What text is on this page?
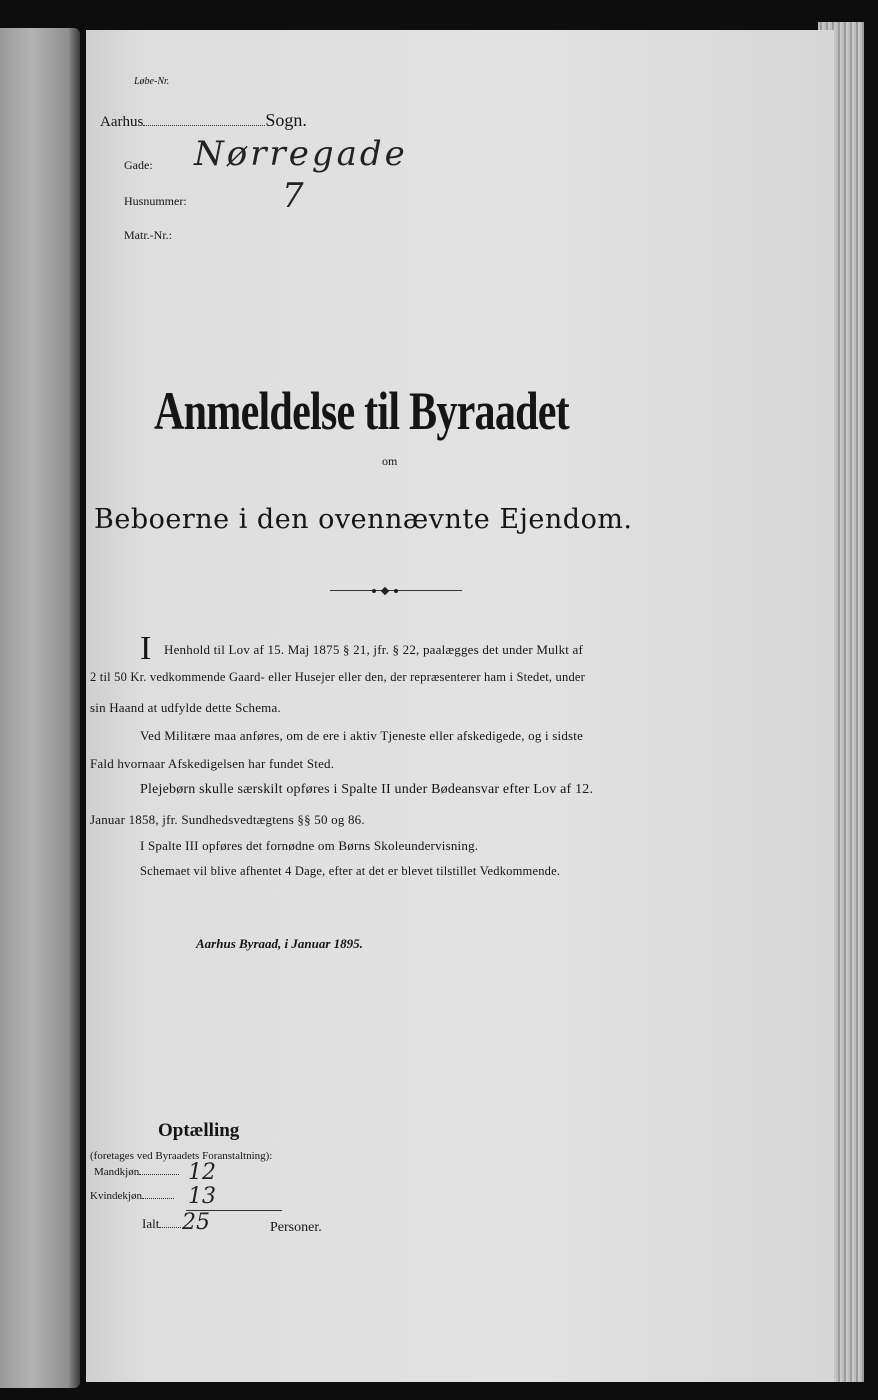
Løbe-Nr.
Aarhus	Sogn.
Gade: Nørregade
Husnummer:	7
Matr.-Nr.:
Anmeldelse til Byraadet
om
Beboerne i den ovennævnte Ejendom.
I Henhold til Lov af 15. Maj 1875 § 21, jfr. § 22, paalægges det under Mulkt af
2 til 50 Kr. vedkommende Gaard- eller Husejer eller den, der repræsenterer ham i Stedet, under
sin Haand at udfylde dette Schema.
Ved Militære maa anføres, om de ere i aktiv Tjeneste eller afskedigede, og i sidste
Fald hvornaar Afskedigelsen har fundet Sted.
Plejebørn skulle særskilt opføres i Spalte II under Bødeansvar efter Lov af 12.
Januar 1858, jfr. Sundhedsvedtægtens §§ 50 og 86.
I Spalte III opføres det fornødne om Børns Skoleundervisning.
Schemaet vil blive afhentet 4 Dage, efter at det er blevet tilstillet Vedkommende.
Aarhus Byraad, i Januar 1895.
Optælling
(foretages ved Byraadets Foranstaltning):
Mandkjøn	12
Kvindekjøn	13
Ialt	25	Personer.
